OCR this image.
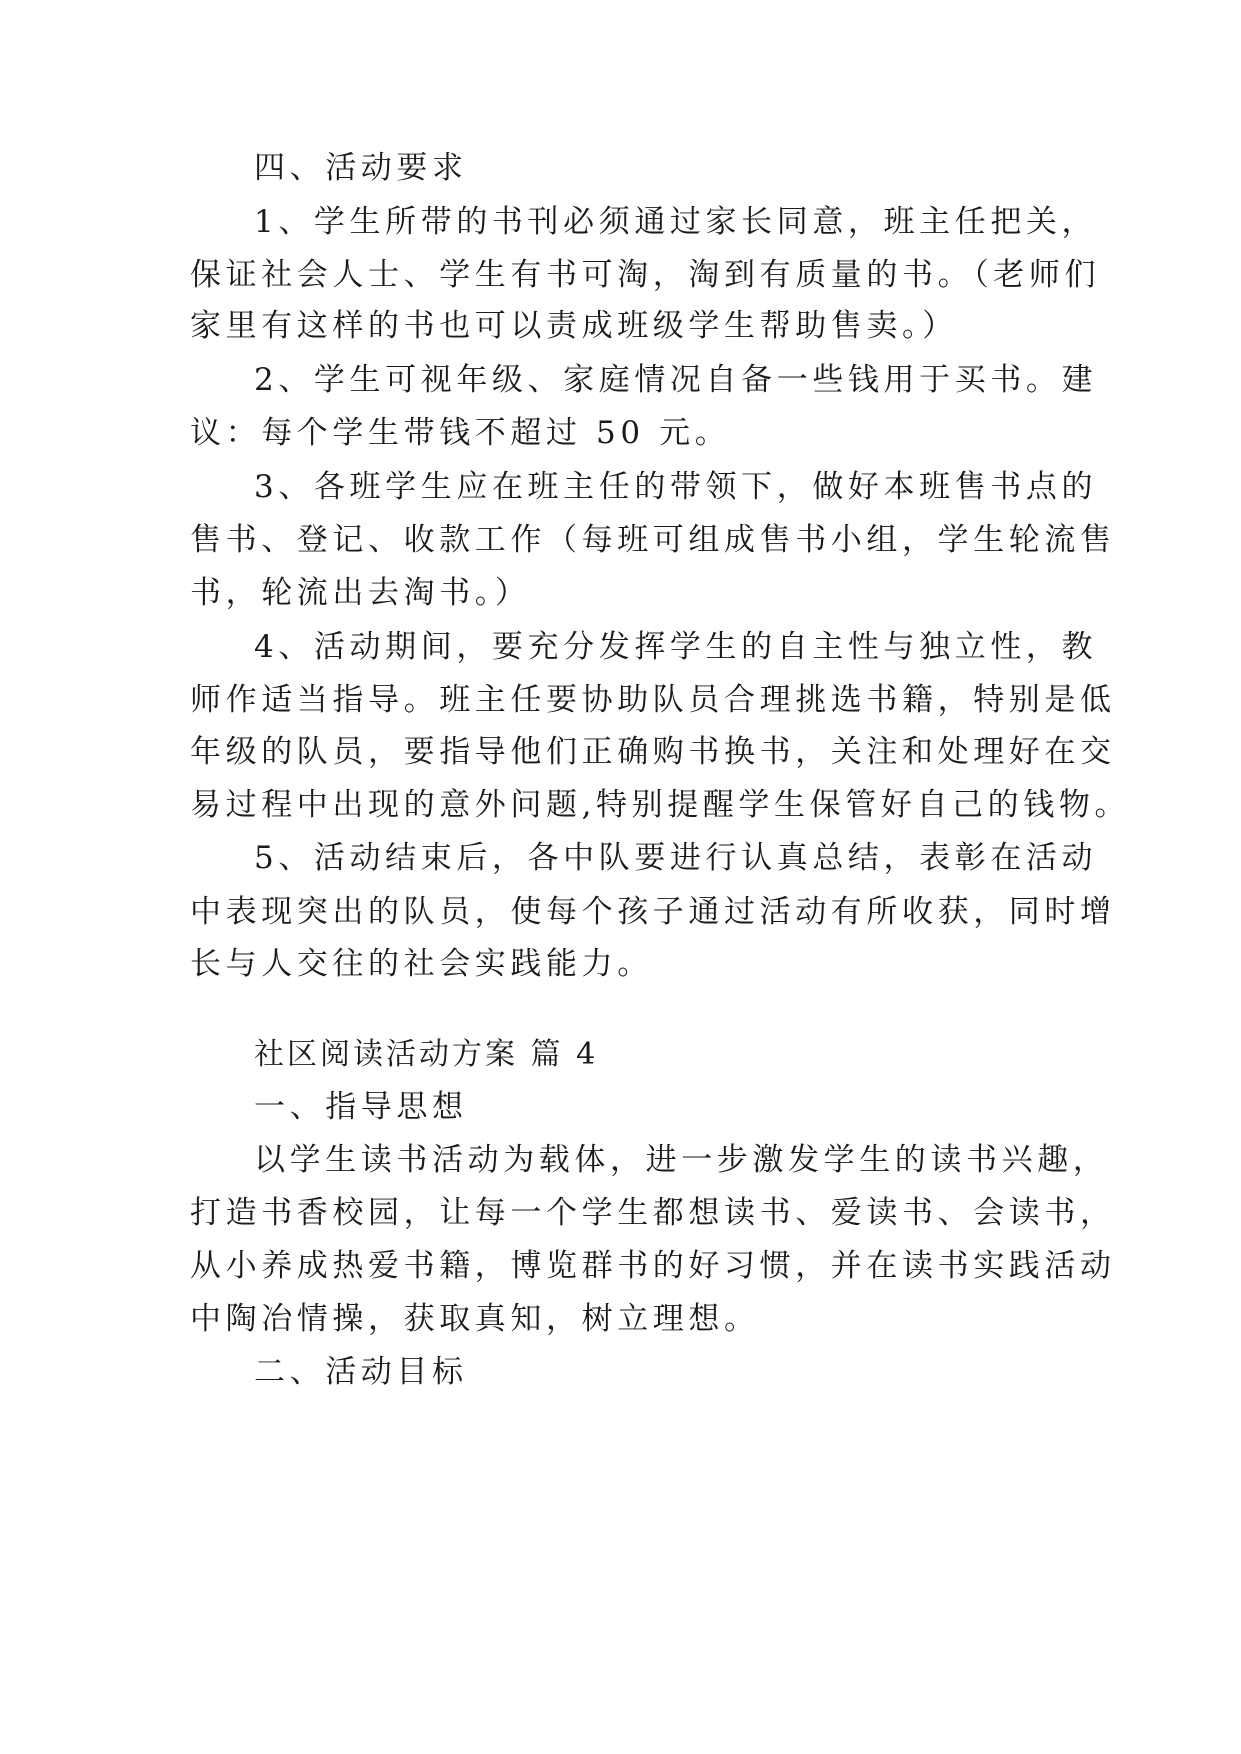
四、活动要求
1、学生所带的书刊必须通过家长同意，班主任把关，
保证社会人士、学生有书可淘，淘到有质量的书。（老师们
家里有这样的书也可以责成班级学生帮助售卖。）
2、学生可视年级、家庭情况自备一些钱用于买书。建
议：每个学生带钱不超过 50 元。
3、各班学生应在班主任的带领下，做好本班售书点的
售书、登记、收款工作（每班可组成售书小组，学生轮流售
书，轮流出去淘书。）
4、活动期间，要充分发挥学生的自主性与独立性，教
师作适当指导。班主任要协助队员合理挑选书籍，特别是低
年级的队员，要指导他们正确购书换书，关注和处理好在交
易过程中出现的意外问题,特别提醒学生保管好自己的钱物。
5、活动结束后，各中队要进行认真总结，表彰在活动
中表现突出的队员，使每个孩子通过活动有所收获，同时增
长与人交往的社会实践能力。
社区阅读活动方案 篇 4
一、指导思想
以学生读书活动为载体，进一步激发学生的读书兴趣，
打造书香校园，让每一个学生都想读书、爱读书、会读书，
从小养成热爱书籍，博览群书的好习惯，并在读书实践活动
中陶冶情操，获取真知，树立理想。
二、活动目标
